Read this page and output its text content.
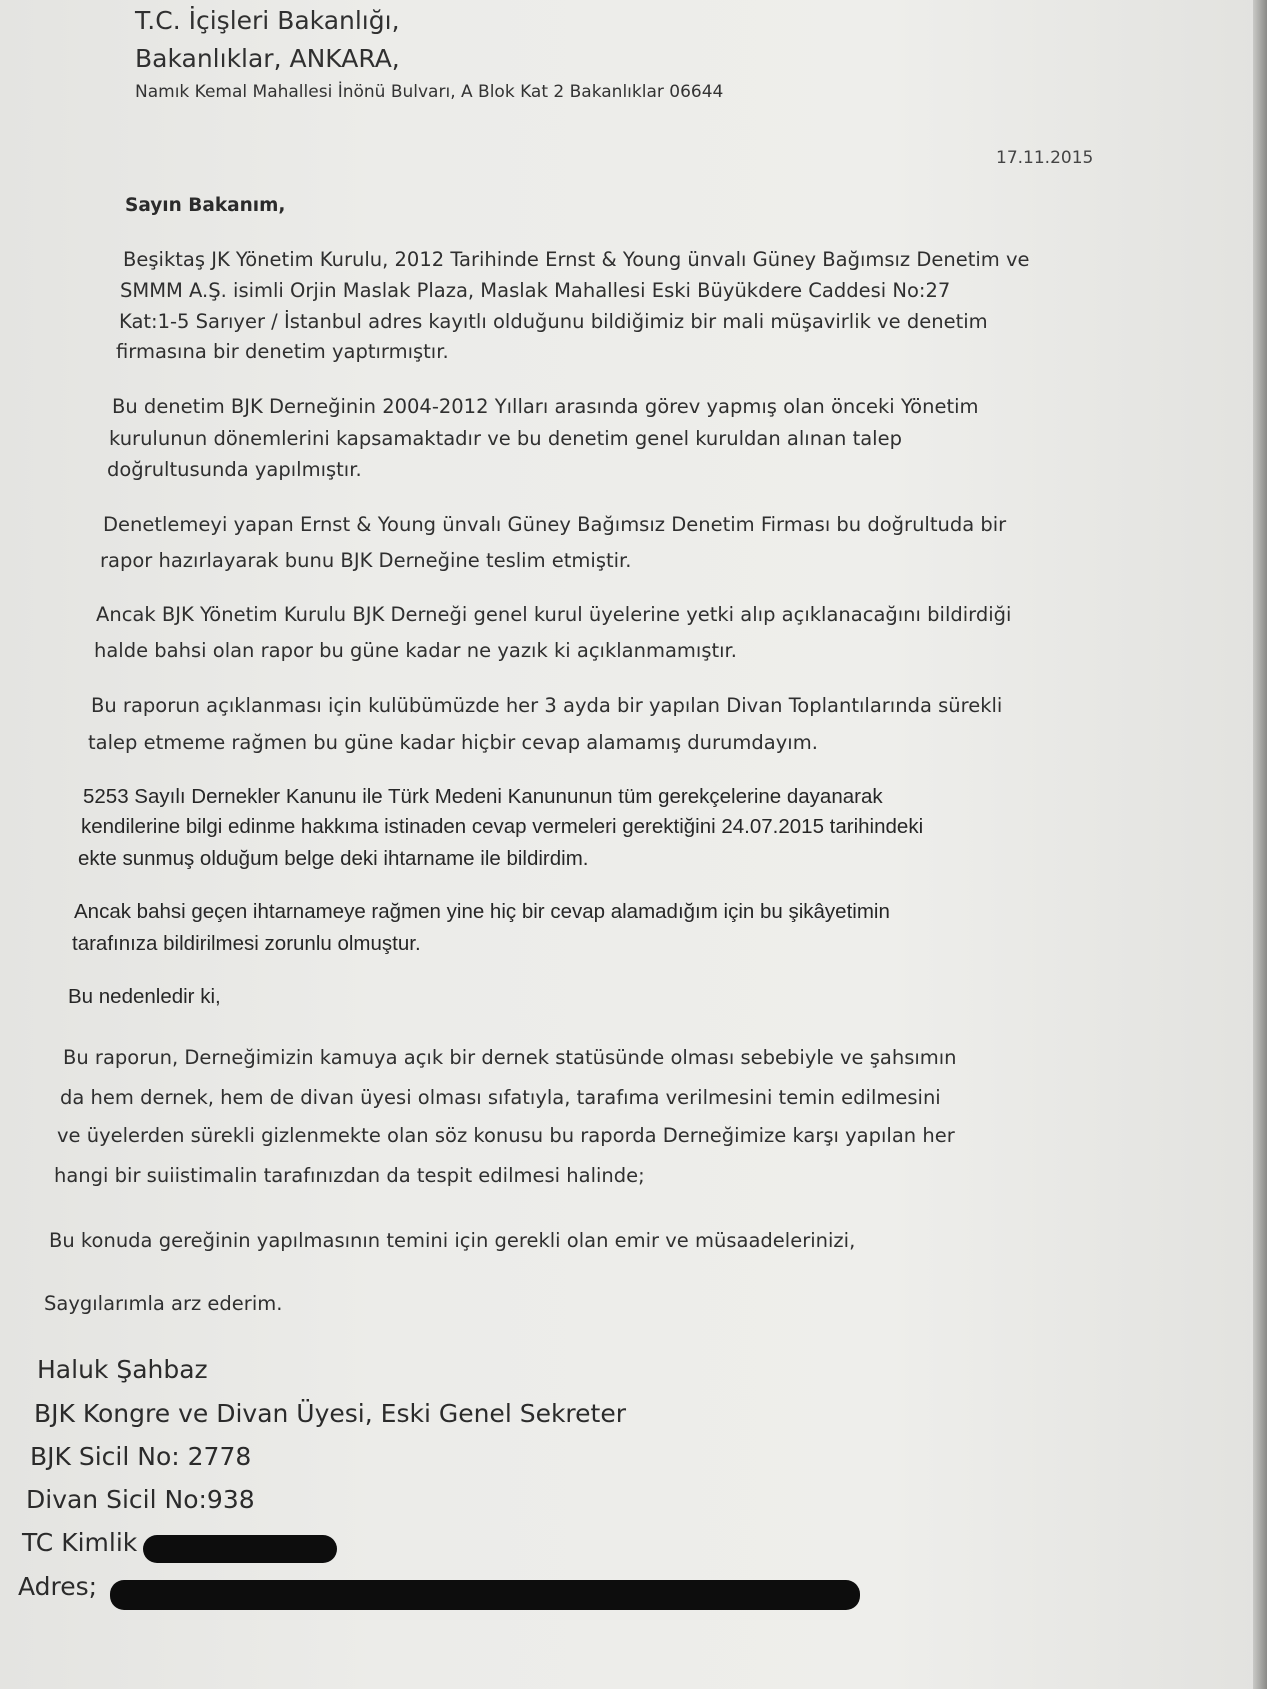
T.C. İçişleri Bakanlığı,

Bakanlıklar, ANKARA,

Namık Kemal Mahallesi İnönü Bulvarı, A Blok Kat 2 Bakanlıklar 06644

17.11.2015

Sayın Bakanım,

Beşiktaş JK Yönetim Kurulu, 2012 Tarihinde Ernst & Young ünvalı Güney Bağımsız Denetim ve

SMMM A.Ş. isimli Orjin Maslak Plaza, Maslak Mahallesi Eski Büyükdere Caddesi No:27

Kat:1-5 Sarıyer / İstanbul adres kayıtlı olduğunu bildiğimiz bir mali müşavirlik ve denetim

firmasına bir denetim yaptırmıştır.

Bu denetim BJK Derneğinin 2004-2012 Yılları arasında görev yapmış olan önceki Yönetim

kurulunun dönemlerini kapsamaktadır ve bu denetim genel kuruldan alınan talep

doğrultusunda yapılmıştır.

Denetlemeyi yapan Ernst & Young ünvalı Güney Bağımsız Denetim Firması bu doğrultuda bir

rapor hazırlayarak bunu BJK Derneğine teslim etmiştir.

Ancak BJK Yönetim Kurulu BJK Derneği genel kurul üyelerine yetki alıp açıklanacağını bildirdiği

halde bahsi olan rapor bu güne kadar ne yazık ki açıklanmamıştır.

Bu raporun açıklanması için kulübümüzde her 3 ayda bir yapılan Divan Toplantılarında sürekli

talep etmeme rağmen bu güne kadar hiçbir cevap alamamış durumdayım.

5253 Sayılı Dernekler Kanunu ile Türk Medeni Kanununun tüm gerekçelerine dayanarak

kendilerine bilgi edinme hakkıma istinaden cevap vermeleri gerektiğini 24.07.2015 tarihindeki

ekte sunmuş olduğum belge deki ihtarname ile bildirdim.

Ancak bahsi geçen ihtarnameye rağmen yine hiç bir cevap alamadığım için bu şikâyetimin

tarafınıza bildirilmesi zorunlu olmuştur.

Bu nedenledir ki,

Bu raporun, Derneğimizin kamuya açık bir dernek statüsünde olması sebebiyle ve şahsımın

da hem dernek, hem de divan üyesi olması sıfatıyla, tarafıma verilmesini temin edilmesini

ve üyelerden sürekli gizlenmekte olan söz konusu bu raporda Derneğimize karşı yapılan her

hangi bir suiistimalin tarafınızdan da tespit edilmesi halinde;

Bu konuda gereğinin yapılmasının temini için gerekli olan emir ve müsaadelerinizi,

Saygılarımla arz ederim.

Haluk Şahbaz

BJK Kongre ve Divan Üyesi, Eski Genel Sekreter

BJK Sicil No: 2778

Divan Sicil No:938

TC Kimlik

Adres;
